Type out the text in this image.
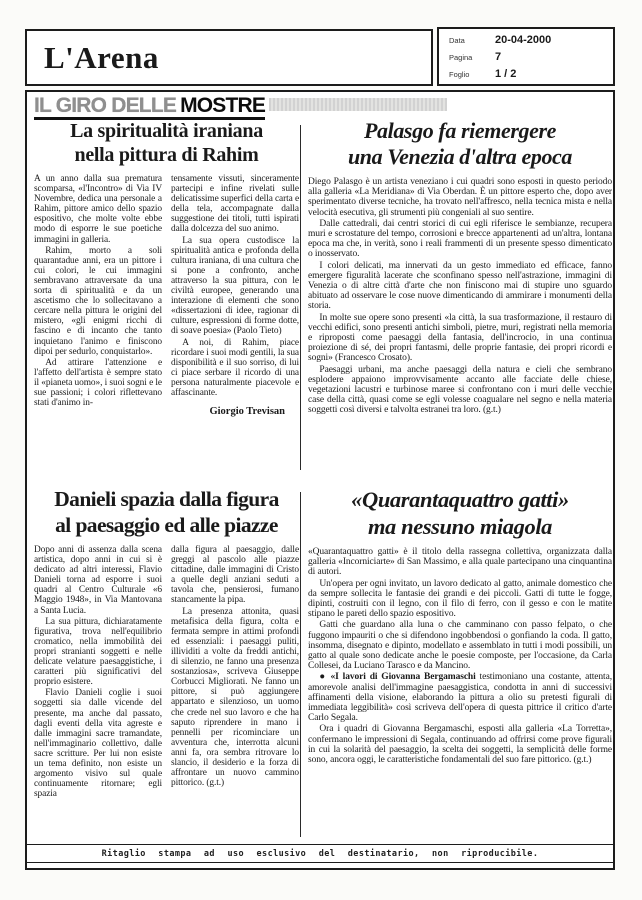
L'Arena	Data	20-04-2000
Pagina	7
Foglio	1 / 2
IL GIRO DELLE MOSTRE
La spiritualità iraniana
nella pittura di Rahim

A un anno dalla sua prematura scomparsa, «l'Incontro» di Via IV Novembre, dedica una personale a Rahim, pittore amico dello spazio espositivo, che molte volte ebbe modo di esporre le sue poetiche immagini in galleria.

Rahim, morto a soli quarantadue anni, era un pittore i cui colori, le cui immagini sembravano attraversate da una sorta di spiritualità e da un ascetismo che lo sollecitavano a cercare nella pittura le origini del mistero, «gli enigmi ricchi di fascino e di incanto che tanto inquietano l'animo e finiscono dipoi per sedurlo, conquistarlo».

Ad attirare l'attenzione e l'affetto dell'artista è sempre stato il «pianeta uomo», i suoi sogni e le sue passioni; i colori riflettevano stati d'animo in-

tensamente vissuti, sinceramente partecipi e infine rivelati sulle delicatissime superfici della carta e della tela, accompagnate dalla suggestione dei titoli, tutti ispirati dalla dolcezza del suo animo.

La sua opera custodisce la spiritualità antica e profonda della cultura iraniana, di una cultura che si pone a confronto, anche attraverso la sua pittura, con le civiltà europee, generando una interazione di elementi che sono «dissertazioni di idee, ragionar di culture, espressioni di forme dotte, di soave poesia» (Paolo Tieto)

A noi, di Rahim, piace ricordare i suoi modi gentili, la sua disponibilità e il suo sorriso, di lui ci piace serbare il ricordo di una persona naturalmente piacevole e affascinante.

Giorgio Trevisan
Palasgo fa riemergere
una Venezia d'altra epoca

Diego Palasgo è un artista veneziano i cui quadri sono esposti in questo periodo alla galleria «La Meridiana» di Via Oberdan. È un pittore esperto che, dopo aver sperimentato diverse tecniche, ha trovato nell'affresco, nella tecnica mista e nella velocità esecutiva, gli strumenti più congeniali al suo sentire.

Dalle cattedrali, dai centri storici di cui egli riferisce le sembianze, recupera muri e scrostature del tempo, corrosioni e brecce appartenenti ad un'altra, lontana epoca ma che, in verità, sono i reali frammenti di un presente spesso dimenticato o inosservato.

I colori delicati, ma innervati da un gesto immediato ed efficace, fanno emergere figuralità lacerate che sconfinano spesso nell'astrazione, immagini di Venezia o di altre città d'arte che non finiscono mai di stupire uno sguardo abituato ad osservare le cose nuove dimenticando di ammirare i monumenti della storia.

In molte sue opere sono presenti «la città, la sua trasformazione, il restauro di vecchi edifici, sono presenti antichi simboli, pietre, muri, registrati nella memoria e riproposti come paesaggi della fantasia, dell'incrocio, in una continua proiezione di sé, dei propri fantasmi, delle proprie fantasie, dei propri ricordi e sogni» (Francesco Crosato).

Paesaggi urbani, ma anche paesaggi della natura e cieli che sembrano esplodere appaiono improvvisamente accanto alle facciate delle chiese, vegetazioni lacustri e turbinose maree si confrontano con i muri delle vecchie case della città, quasi come se egli volesse coagualare nel segno e nella materia soggetti così diversi e talvolta estranei tra loro. (g.t.)

Danieli spazia dalla figura
al paesaggio ed alle piazze

Dopo anni di assenza dalla scena artistica, dopo anni in cui si è dedicato ad altri interessi, Flavio Danieli torna ad esporre i suoi quadri al Centro Culturale «6 Maggio 1948», in Via Mantovana a Santa Lucia.

La sua pittura, dichiaratamente figurativa, trova nell'equilibrio cromatico, nella immobilità dei propri stranianti soggetti e nelle delicate velature paesaggistiche, i caratteri più significativi del proprio esistere.

Flavio Danieli coglie i suoi soggetti sia dalle vicende del presente, ma anche dal passato, dagli eventi della vita agreste e dalle immagini sacre tramandate, nell'immaginario collettivo, dalle sacre scritture. Per lui non esiste un tema definito, non esiste un argomento visivo sul quale continuamente ritornare; egli spazia

dalla figura al paesaggio, dalle greggi al pascolo alle piazze cittadine, dalle immagini di Cristo a quelle degli anziani seduti a tavola che, pensierosi, fumano stancamente la pipa.

La presenza attonita, quasi metafisica della figura, colta e fermata sempre in attimi profondi ed essenziali: i paesaggi puliti, illividiti a volte da freddi antichi, di silenzio, ne fanno una presenza sostanziosa», scriveva Giuseppe Corbucci Migliorati. Ne fanno un pittore, si può aggiungere appartato e silenzioso, un uomo che crede nel suo lavoro e che ha saputo riprendere in mano i pennelli per ricominciare un avventura che, interrotta alcuni anni fa, ora sembra ritrovare lo slancio, il desiderio e la forza di affrontare un nuovo cammino pittorico. (g.t.)

«Quarantaquattro gatti»
ma nessuno miagola

«Quarantaquattro gatti» è il titolo della rassegna collettiva, organizzata dalla galleria «Incorniciarte» di San Massimo, e alla quale partecipano una cinquantina di autori.

Un'opera per ogni invitato, un lavoro dedicato al gatto, animale domestico che da sempre sollecita le fantasie dei grandi e dei piccoli. Gatti di tutte le fogge, dipinti, costruiti con il legno, con il filo di ferro, con il gesso e con le matite stipano le pareti dello spazio espositivo.

Gatti che guardano alla luna o che camminano con passo felpato, o che fuggono impauriti o che si difendono ingobbendosi o gonfiando la coda. Il gatto, insomma, disegnato e dipinto, modellato e assemblato in tutti i modi possibili, un gatto al quale sono dedicate anche le poesie composte, per l'occasione, da Carla Collesei, da Luciano Tarasco e da Mancino.

● «I lavori di Giovanna Bergamaschi testimoniano una costante, attenta, amorevole analisi dell'immagine paesaggistica, condotta in anni di successivi affinamenti della visione, elaborando la pittura a olio su pretesti figurali di immediata leggibilità» così scriveva dell'opera di questa pittrice il critico d'arte Carlo Segala.

Ora i quadri di Giovanna Bergamaschi, esposti alla galleria «La Torretta», confermano le impressioni di Segala, continuando ad offrirsi come prove figurali in cui la solarità del paesaggio, la scelta dei soggetti, la semplicità delle forme sono, ancora oggi, le caratteristiche fondamentali del suo fare pittorico. (g.t.)

Ritaglio stampa ad uso esclusivo del destinatario, non riproducibile.
